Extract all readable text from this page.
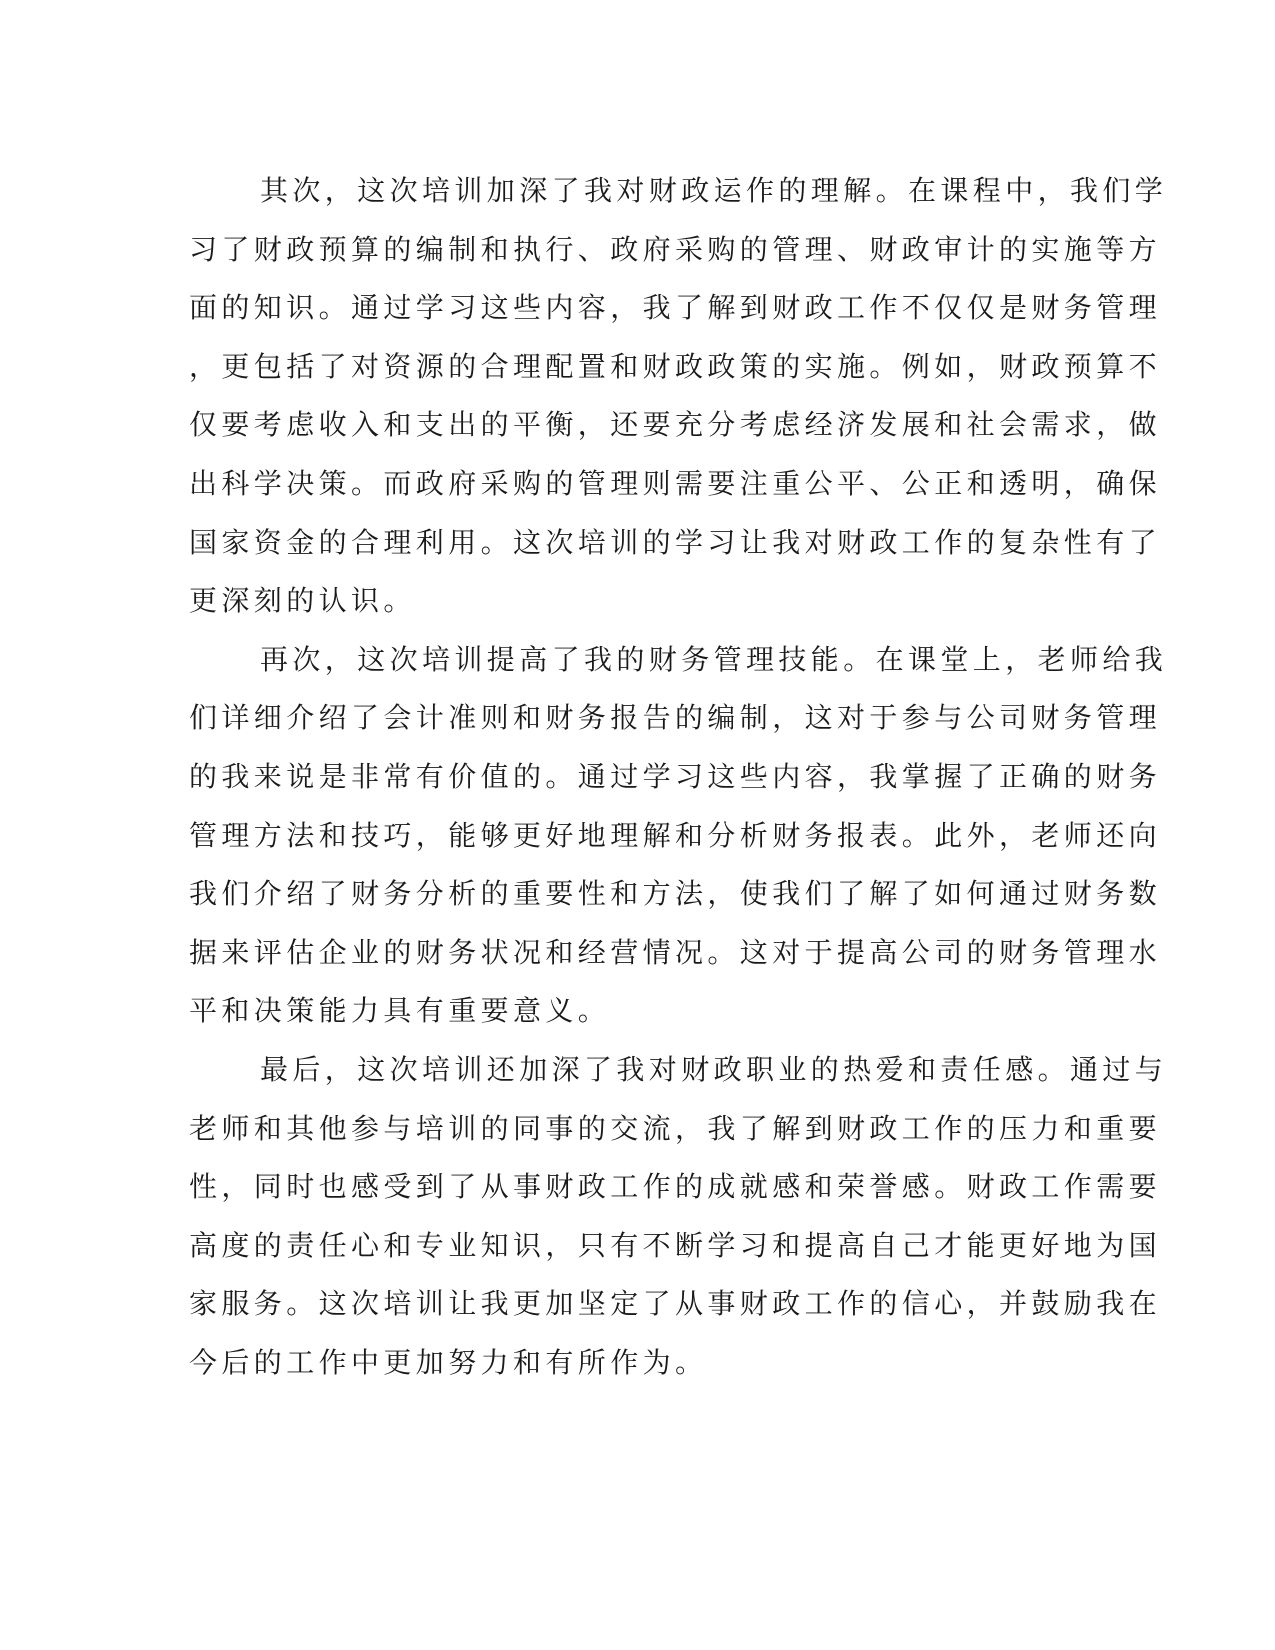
其次，这次培训加深了我对财政运作的理解。在课程中，我们学
习了财政预算的编制和执行、政府采购的管理、财政审计的实施等方
面的知识。通过学习这些内容，我了解到财政工作不仅仅是财务管理
，更包括了对资源的合理配置和财政政策的实施。例如，财政预算不
仅要考虑收入和支出的平衡，还要充分考虑经济发展和社会需求，做
出科学决策。而政府采购的管理则需要注重公平、公正和透明，确保
国家资金的合理利用。这次培训的学习让我对财政工作的复杂性有了
更深刻的认识。
再次，这次培训提高了我的财务管理技能。在课堂上，老师给我
们详细介绍了会计准则和财务报告的编制，这对于参与公司财务管理
的我来说是非常有价值的。通过学习这些内容，我掌握了正确的财务
管理方法和技巧，能够更好地理解和分析财务报表。此外，老师还向
我们介绍了财务分析的重要性和方法，使我们了解了如何通过财务数
据来评估企业的财务状况和经营情况。这对于提高公司的财务管理水
平和决策能力具有重要意义。
最后，这次培训还加深了我对财政职业的热爱和责任感。通过与
老师和其他参与培训的同事的交流，我了解到财政工作的压力和重要
性，同时也感受到了从事财政工作的成就感和荣誉感。财政工作需要
高度的责任心和专业知识，只有不断学习和提高自己才能更好地为国
家服务。这次培训让我更加坚定了从事财政工作的信心，并鼓励我在
今后的工作中更加努力和有所作为。
